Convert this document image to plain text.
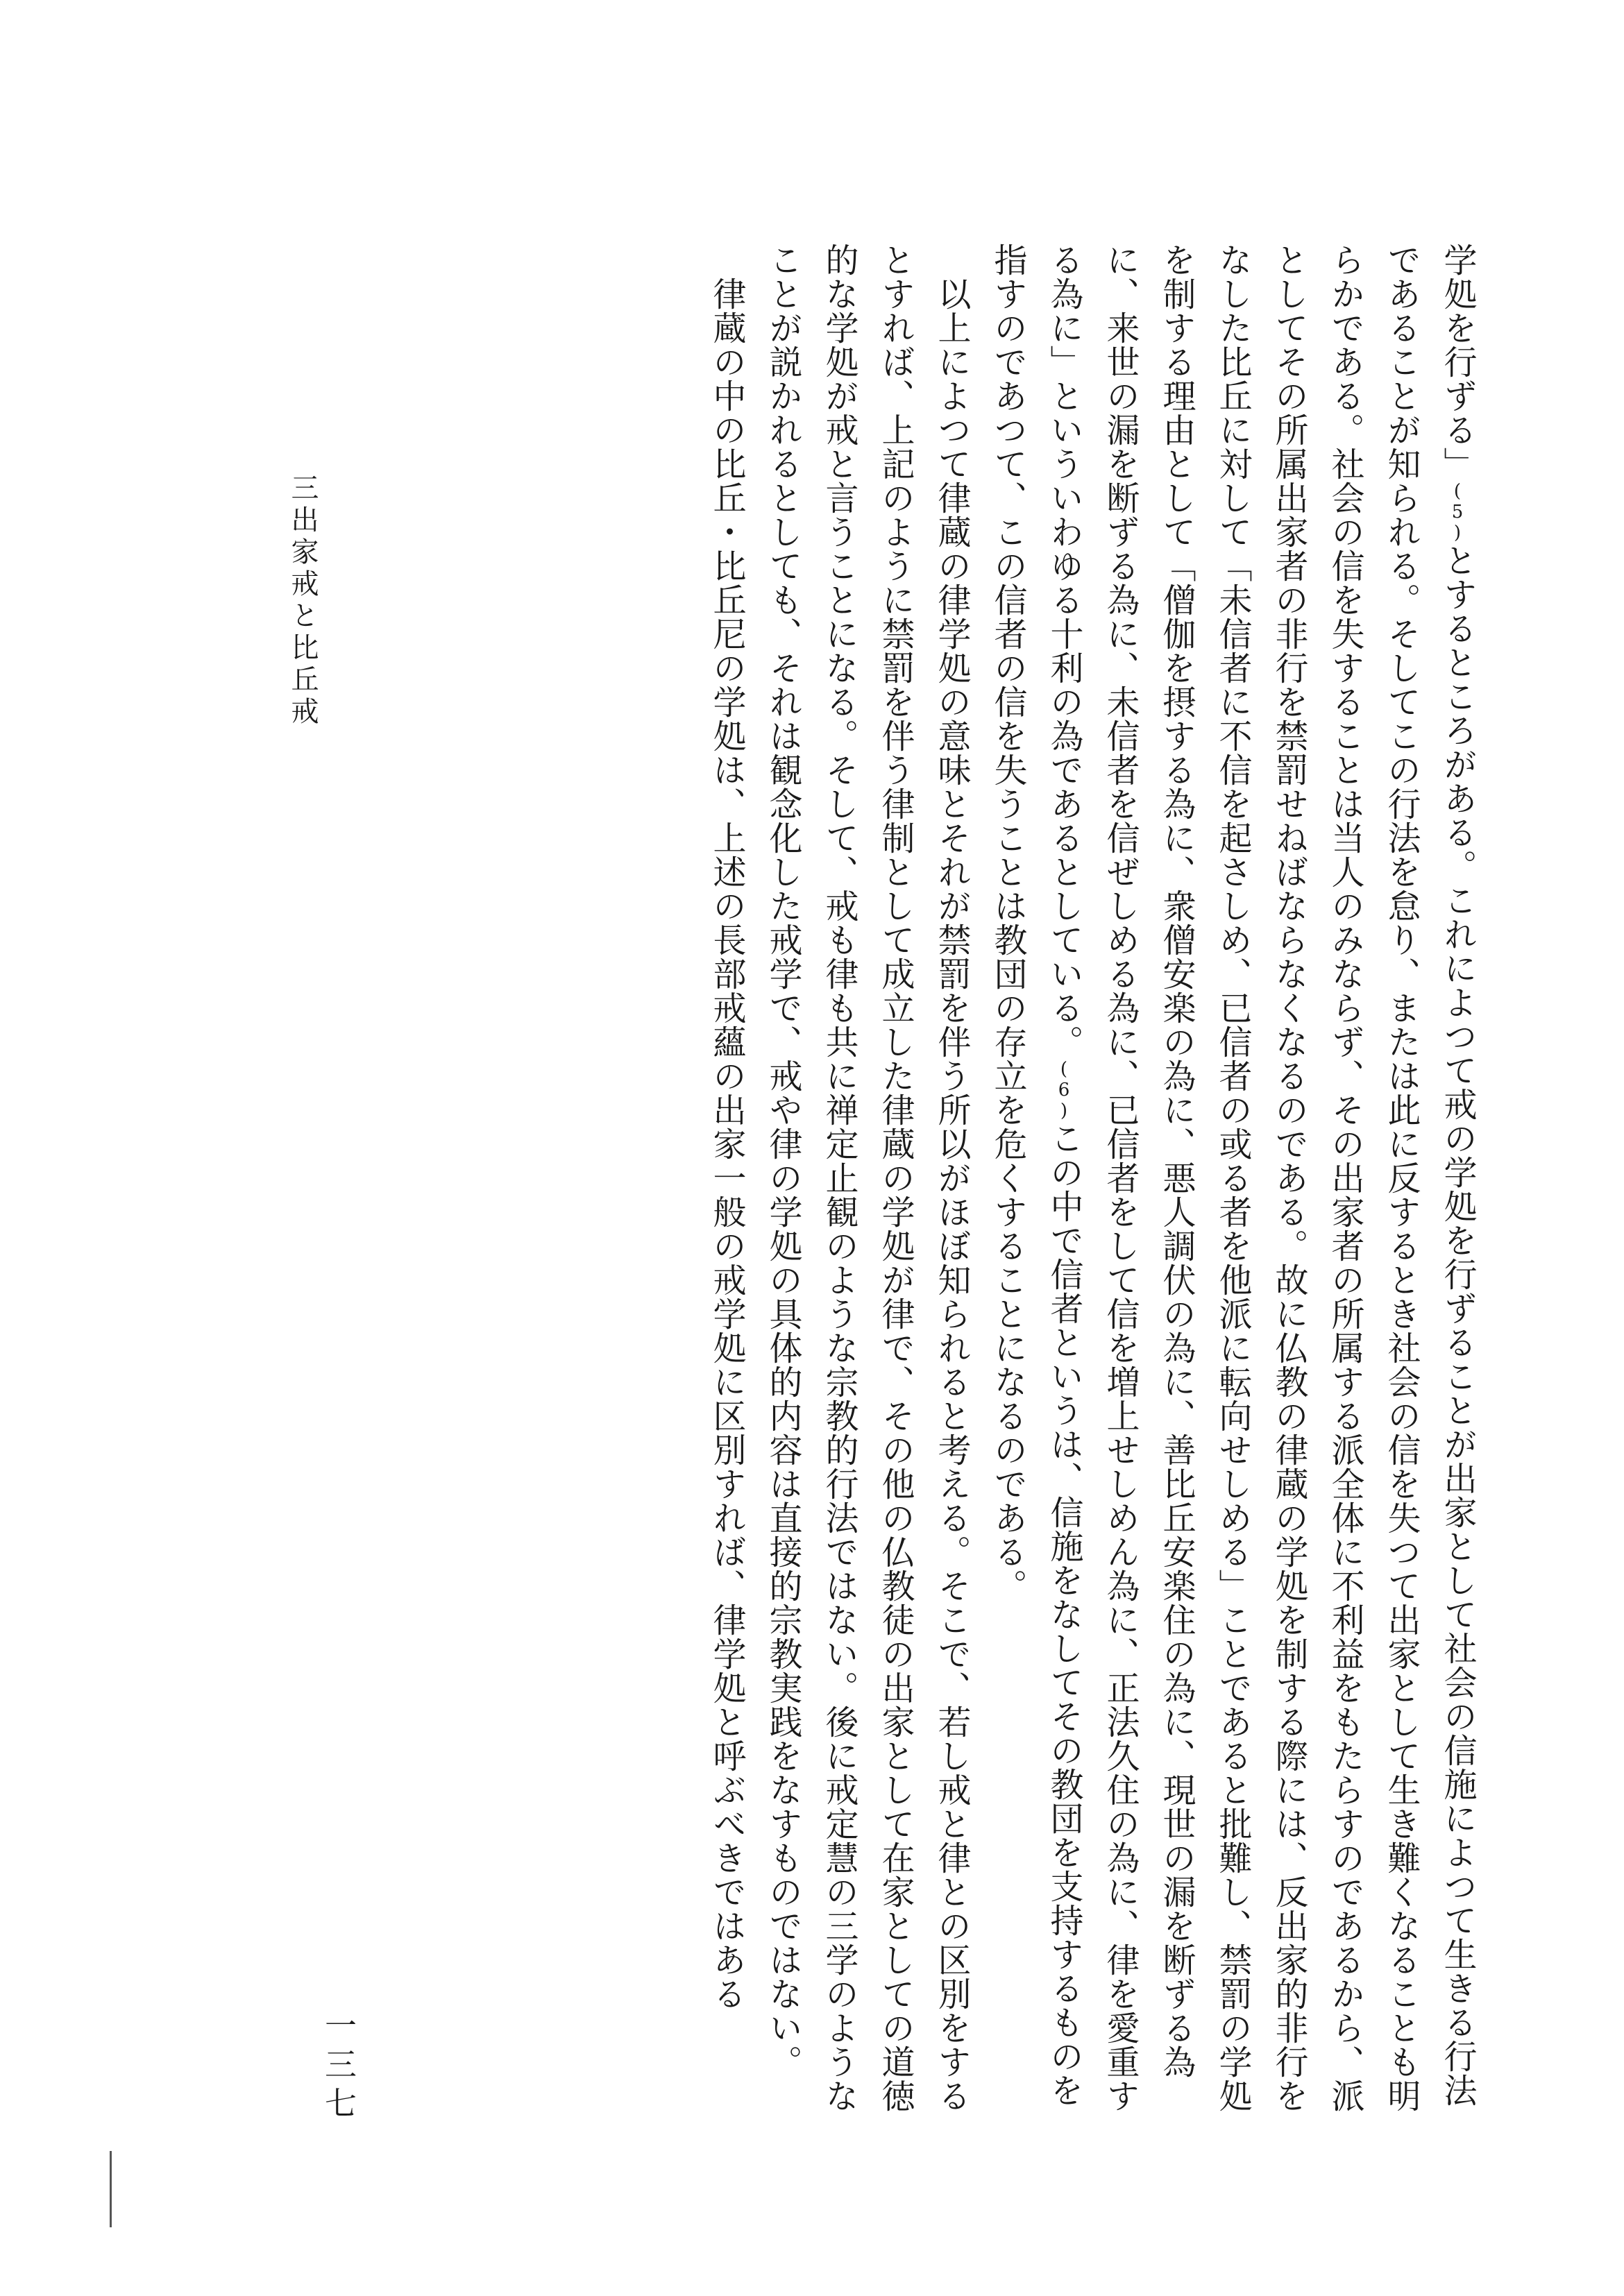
学処を行ずる」(5)とするところがある。これによつて戒の学処を行ずることが出家として社会の信施によつて生きる行法であることが知られる。そしてこの行法を怠り、または此に反するとき社会の信を失つて出家として生き難くなることも明らかである。社会の信を失することは当人のみならず、その出家者の所属する派全体に不利益をもたらすのであるから、派としてその所属出家者の非行を禁罰せねばならなくなるのである。故に仏教の律蔵の学処を制する際には、反出家的非行をなした比丘に対して「未信者に不信を起さしめ、已信者の或る者を他派に転向せしめる」ことであると批難し、禁罰の学処を制する理由として「僧伽を摂する為に、衆僧安楽の為に、悪人調伏の為に、善比丘安楽住の為に、現世の漏を断ずる為に、来世の漏を断ずる為に、未信者を信ぜしめる為に、已信者をして信を増上せしめん為に、正法久住の為に、律を愛重する為に」といういわゆる十利の為であるとしている。(6)この中で信者というは、信施をなしてその教団を支持するものを指すのであつて、この信者の信を失うことは教団の存立を危くすることになるのである。

　以上によつて律蔵の律学処の意味とそれが禁罰を伴う所以がほぼ知られると考える。そこで、若し戒と律との区別をするとすれば、上記のように禁罰を伴う律制として成立した律蔵の学処が律で、その他の仏教徒の出家として在家としての道徳的な学処が戒と言うことになる。そして、戒も律も共に禅定止観のような宗教的行法ではない。後に戒定慧の三学のようなことが説かれるとしても、それは観念化した戒学で、戒や律の学処の具体的内容は直接的宗教実践をなすものではない。

　律蔵の中の比丘・比丘尼の学処は、上述の長部戒蘊の出家一般の戒学処に区別すれば、律学処と呼ぶべきではある

三出家戒と比丘戒
一三七
